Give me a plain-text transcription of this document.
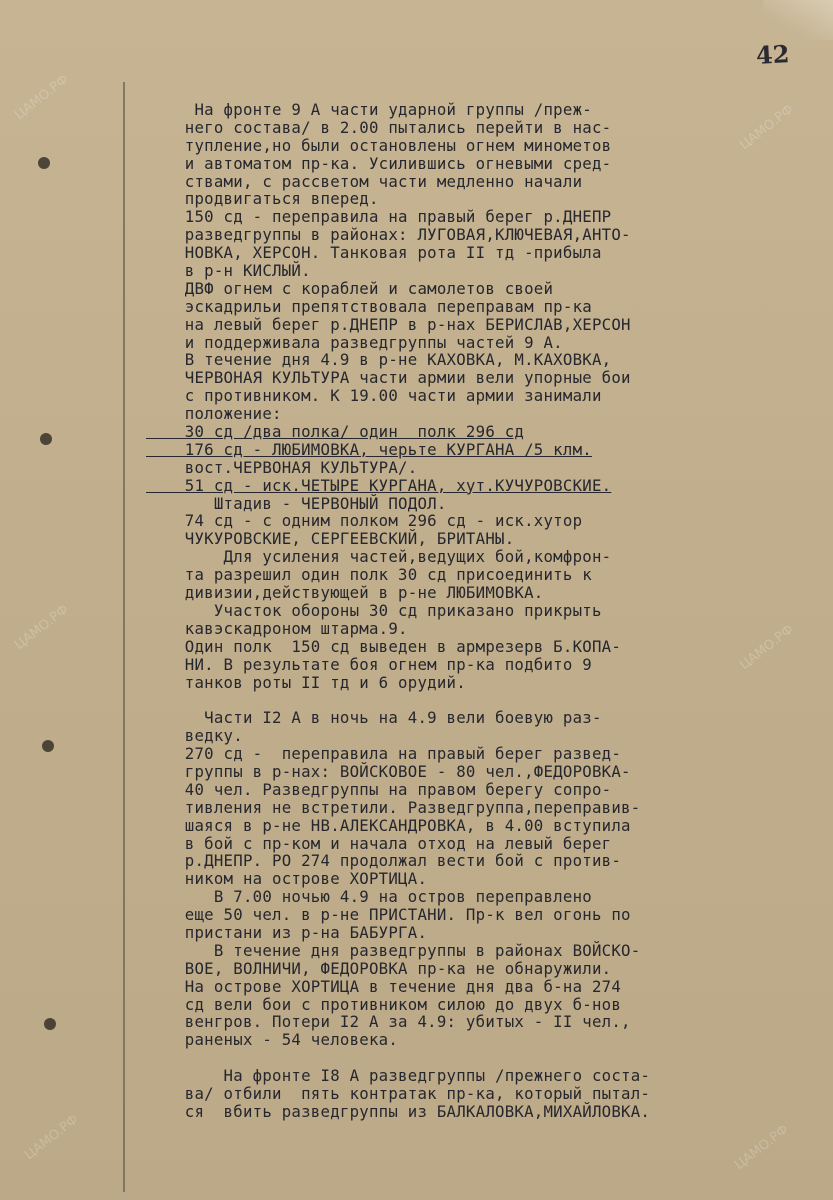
42
ЦАМО.РФ
ЦАМО.РФ
ЦАМО.РФ	ЦАМО.РФ
ЦАМО.РФ	ЦАМО.РФ
На фронте 9 А части ударной группы /преж-
него состава/ в 2.00 пытались перейти в нас-
тупление,но были остановлены огнем минометов
и автоматом пр-ка. Усилившись огневыми сред-
ствами, с рассветом части медленно начали
продвигаться вперед.
150 сд - переправила на правый берег р.ДНЕПР
разведгруппы в районах: ЛУГОВАЯ,КЛЮЧЕВАЯ,АНТО-
НОВКА, ХЕРСОН. Танковая рота II тд -прибыла
в р-н КИСЛЫЙ.
ДВФ огнем с кораблей и самолетов своей
эскадрильи препятствовала переправам пр-ка
на левый берег р.ДНЕПР в р-нах БЕРИСЛАВ,ХЕРСОН
и поддерживала разведгруппы частей 9 А.
В течение дня 4.9 в р-не КАХОВКА, М.КАХОВКА,
ЧЕРВОНАЯ КУЛЬТУРА части армии вели упорные бои
с противником. К 19.00 части армии занимали
положение:
30 сд /два полка/ один  полк 296 сд
176 сд - ЛЮБИМОВКА, черьте КУРГАНА /5 клм.
вост.ЧЕРВОНАЯ КУЛЬТУРА/.
51 сд - иск.ЧЕТЫРЕ КУРГАНА, хут.КУЧУРОВСКИЕ.
Штадив - ЧЕРВОНЫЙ ПОДОЛ.
74 сд - с одним полком 296 сд - иск.хутор
ЧУКУРОВСКИЕ, СЕРГЕЕВСКИЙ, БРИТАНЫ.
Для усиления частей,ведущих бой,комфрон-
та разрешил один полк 30 сд присоединить к
дивизии,действующей в р-не ЛЮБИМОВКА.
Участок обороны 30 сд приказано прикрыть
кавэскадроном штарма.9.
Один полк  150 сд выведен в армрезерв Б.КОПА-
НИ. В результате боя огнем пр-ка подбито 9
танков роты II тд и 6 орудий.
Части I2 А в ночь на 4.9 вели боевую раз-
ведку.
270 сд -  переправила на правый берег развед-
группы в р-нах: ВОЙСКОВОЕ - 80 чел.,ФЕДОРОВКА-
40 чел. Разведгруппы на правом берегу сопро-
тивления не встретили. Разведгруппа,переправив-
шаяся в р-не НВ.АЛЕКСАНДРОВКА, в 4.00 вступила
в бой с пр-ком и начала отход на левый берег
р.ДНЕПР. РО 274 продолжал вести бой с против-
ником на острове ХОРТИЦА.
В 7.00 ночью 4.9 на остров переправлено
еще 50 чел. в р-не ПРИСТАНИ. Пр-к вел огонь по
пристани из р-на БАБУРГА.
В течение дня разведгруппы в районах ВОЙСКО-
ВОЕ, ВОЛНИЧИ, ФЕДОРОВКА пр-ка не обнаружили.
На острове ХОРТИЦА в течение дня два б-на 274
сд вели бои с противником силою до двух б-нов
венгров. Потери I2 А за 4.9: убитых - II чел.,
раненых - 54 человека.
На фронте I8 А разведгруппы /прежнего соста-
ва/ отбили  пять контратак пр-ка, который пытал-
ся  вбить разведгруппы из БАЛКАЛОВКА,МИХАЙЛОВКА.
